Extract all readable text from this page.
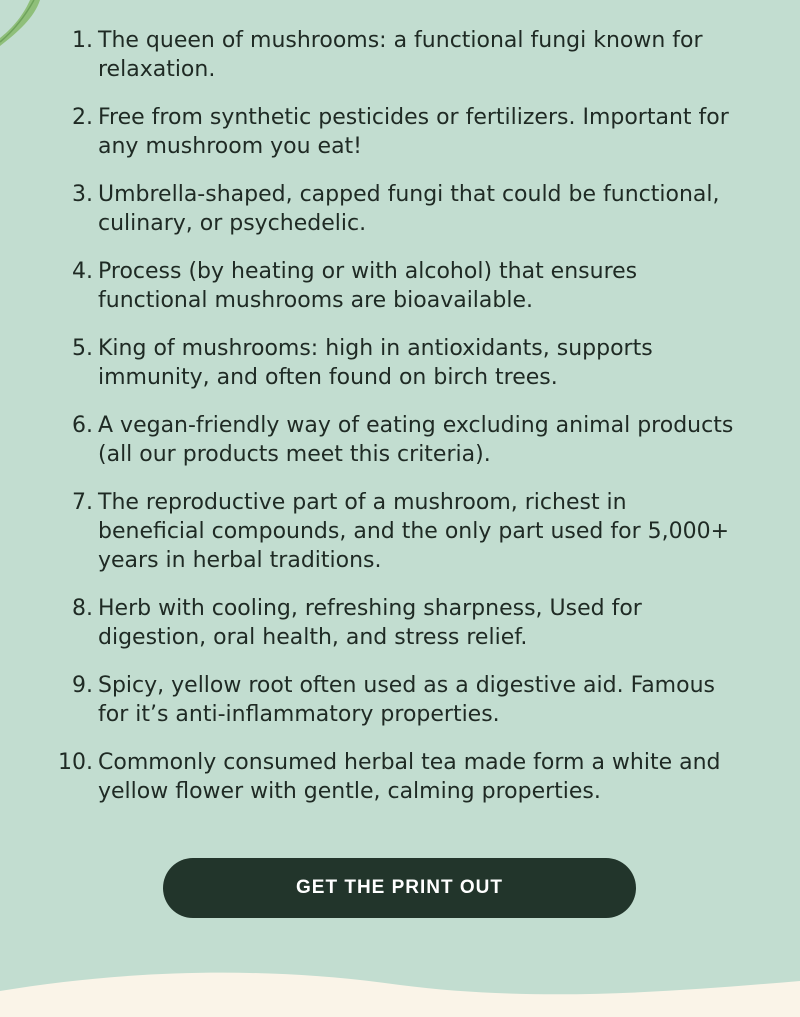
1. The queen of mushrooms: a functional fungi known for relaxation.
2. Free from synthetic pesticides or fertilizers. Important for any mushroom you eat!
3. Umbrella-shaped, capped fungi that could be functional, culinary, or psychedelic.
4. Process (by heating or with alcohol) that ensures functional mushrooms are bioavailable.
5. King of mushrooms: high in antioxidants, supports immunity, and often found on birch trees.
6. A vegan-friendly way of eating excluding animal products (all our products meet this criteria).
7. The reproductive part of a mushroom, richest in beneficial compounds, and the only part used for 5,000+ years in herbal traditions.
8. Herb with cooling, refreshing sharpness, Used for digestion, oral health, and stress relief.
9. Spicy, yellow root often used as a digestive aid. Famous for it’s anti-inflammatory properties.
10. Commonly consumed herbal tea made form a white and yellow flower with gentle, calming properties.
GET THE PRINT OUT
